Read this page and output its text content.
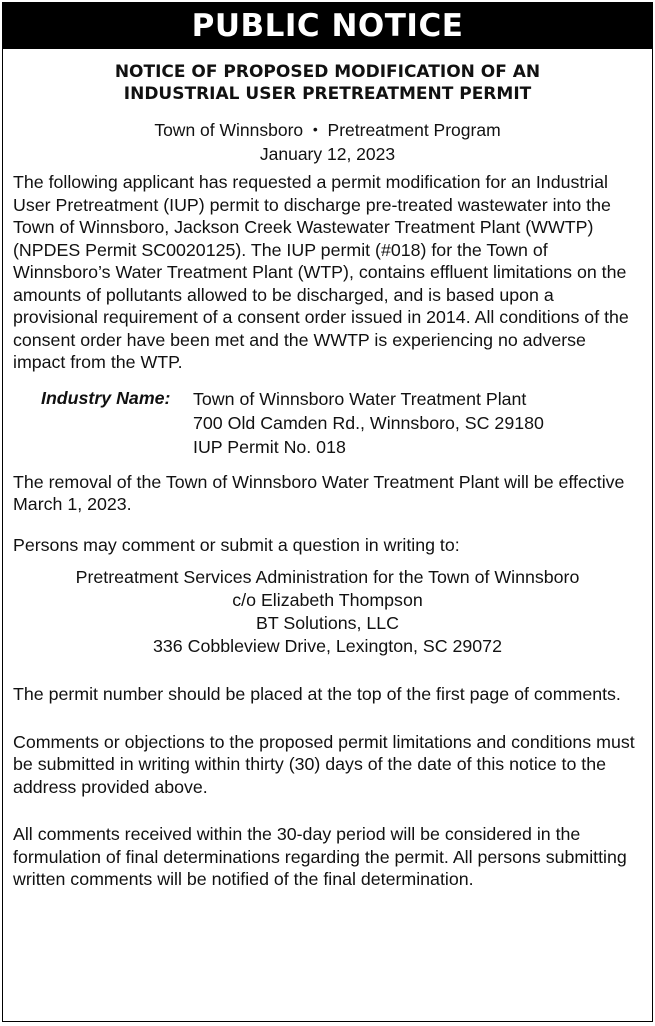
PUBLIC NOTICE
NOTICE OF PROPOSED MODIFICATION OF AN
INDUSTRIAL USER PRETREATMENT PERMIT
Town of Winnsboro • Pretreatment Program
January 12, 2023

The following applicant has requested a permit modification for an Industrial User Pretreatment (IUP) permit to discharge pre-treated wastewater into the Town of Winnsboro, Jackson Creek Wastewater Treatment Plant (WWTP) (NPDES Permit SC0020125). The IUP permit (#018) for the Town of Winnsboro’s Water Treatment Plant (WTP), contains effluent limitations on the amounts of pollutants allowed to be discharged, and is based upon a provisional requirement of a consent order issued in 2014. All conditions of the consent order have been met and the WWTP is experiencing no adverse impact from the WTP.

Industry Name:	Town of Winnsboro Water Treatment Plant
700 Old Camden Rd., Winnsboro, SC 29180
IUP Permit No. 018

The removal of the Town of Winnsboro Water Treatment Plant will be effective March 1, 2023.

Persons may comment or submit a question in writing to:

Pretreatment Services Administration for the Town of Winnsboro
c/o Elizabeth Thompson
BT Solutions, LLC
336 Cobbleview Drive, Lexington, SC 29072

The permit number should be placed at the top of the first page of comments.

Comments or objections to the proposed permit limitations and conditions must be submitted in writing within thirty (30) days of the date of this notice to the address provided above.

All comments received within the 30-day period will be considered in the formulation of final determinations regarding the permit. All persons submitting written comments will be notified of the final determination.
